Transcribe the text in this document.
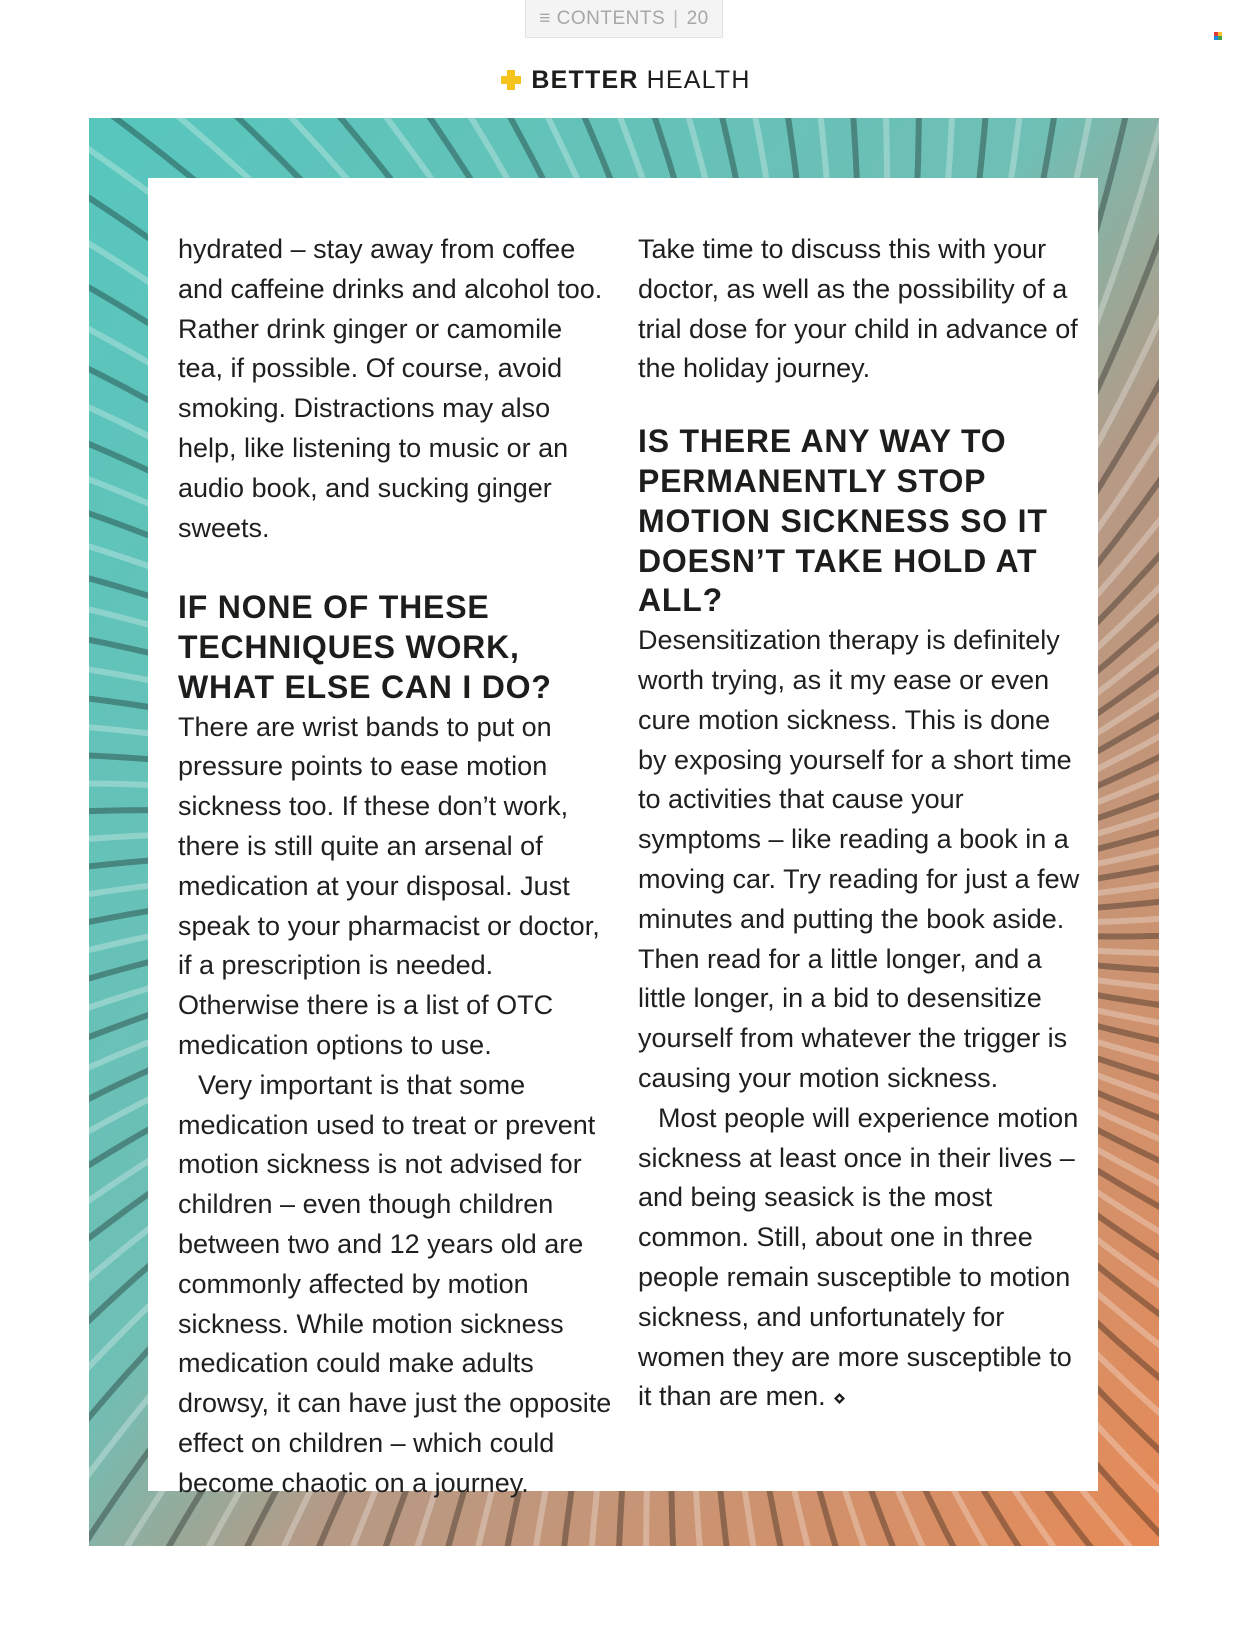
≡
CONTENTS | 20
BETTER HEALTH

hydrated – stay away from coffee and caffeine drinks and alcohol too. Rather drink ginger or camomile tea, if possible. Of course, avoid smoking. Distractions may also help, like listening to music or an audio book, and sucking ginger sweets.

IF NONE OF THESE TECHNIQUES WORK, WHAT ELSE CAN I DO?

There are wrist bands to put on pressure points to ease motion sickness too. If these don’t work, there is still quite an arsenal of medication at your disposal. Just speak to your pharmacist or doctor, if a prescription is needed. Otherwise there is a list of OTC medication options to use.

Very important is that some medication used to treat or prevent motion sickness is not advised for children – even though children between two and 12 years old are commonly affected by motion sickness. While motion sickness medication could make adults drowsy, it can have just the opposite effect on children – which could become chaotic on a journey.

Take time to discuss this with your doctor, as well as the possibility of a trial dose for your child in advance of the holiday journey.

IS THERE ANY WAY TO PERMANENTLY STOP MOTION SICKNESS SO IT DOESN’T TAKE HOLD AT ALL?

Desensitization therapy is definitely worth trying, as it my ease or even cure motion sickness. This is done by exposing yourself for a short time to activities that cause your symptoms – like reading a book in a moving car. Try reading for just a few minutes and putting the book aside. Then read for a little longer, and a little longer, in a bid to desensitize yourself from whatever the trigger is causing your motion sickness.

Most people will experience motion sickness at least once in their lives – and being seasick is the most common. Still, about one in three people remain susceptible to motion sickness, and unfortunately for women they are more susceptible to it than are men.
